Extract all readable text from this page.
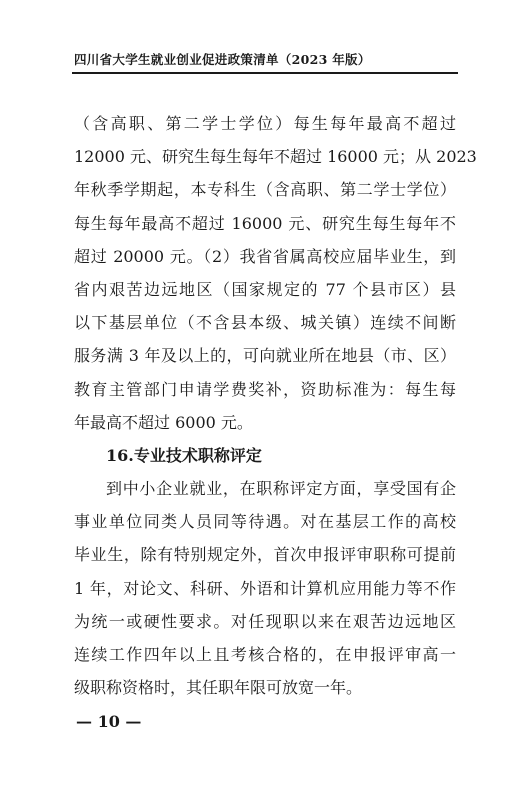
四川省大学生就业创业促进政策清单（2023 年版）
（含高职、第二学士学位）每生每年最高不超过
12000 元、研究生每生每年不超过 16000 元；从 2023
年秋季学期起，本专科生（含高职、第二学士学位）
每生每年最高不超过 16000 元、研究生每生每年不
超过 20000 元。（2）我省省属高校应届毕业生，到
省内艰苦边远地区（国家规定的 77 个县市区）县
以下基层单位（不含县本级、城关镇）连续不间断
服务满 3 年及以上的，可向就业所在地县（市、区）
教育主管部门申请学费奖补，资助标准为：每生每
年最高不超过 6000 元。
16.专业技术职称评定
到中小企业就业，在职称评定方面，享受国有企
事业单位同类人员同等待遇。对在基层工作的高校
毕业生，除有特别规定外，首次申报评审职称可提前
1 年，对论文、科研、外语和计算机应用能力等不作
为统一或硬性要求。对任现职以来在艰苦边远地区
连续工作四年以上且考核合格的，在申报评审高一
级职称资格时，其任职年限可放宽一年。
— 10 —
